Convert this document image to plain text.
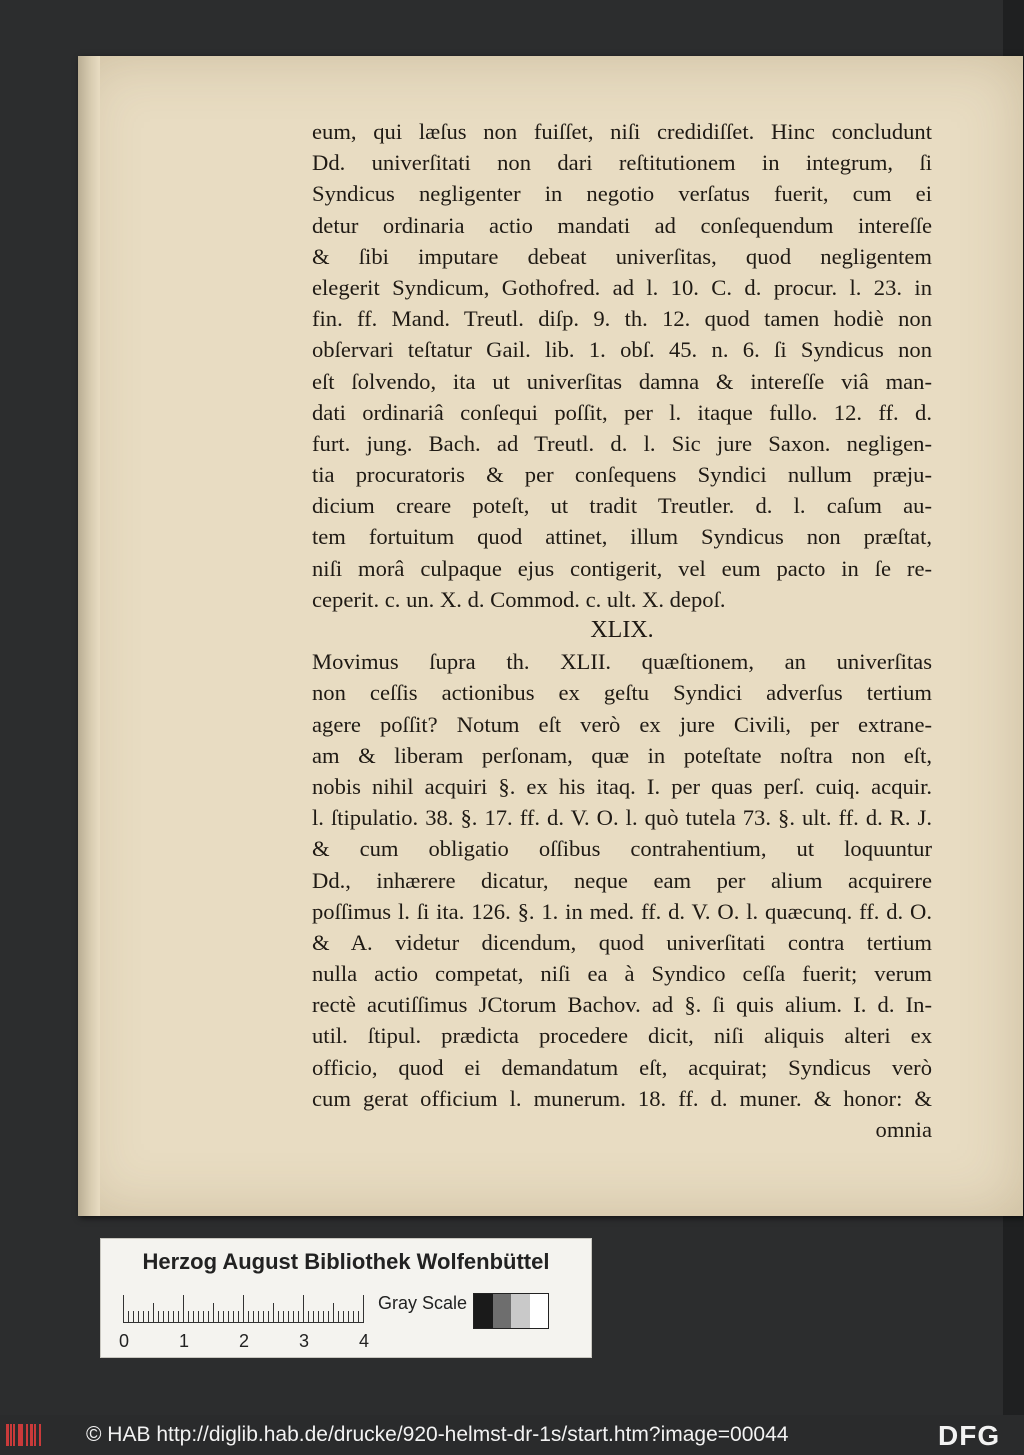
eum, qui læſus non fuiſſet, niſi credidiſſet. Hinc concludunt
Dd. univerſitati non dari reſtitutionem in integrum, ſi
Syndicus negligenter in negotio verſatus fuerit, cum ei
detur ordinaria actio mandati ad conſequendum intereſſe
& ſibi imputare debeat univerſitas, quod negligentem
elegerit Syndicum, Gothofred. ad l. 10. C. d. procur. l. 23. in
fin. ff. Mand. Treutl. diſp. 9. th. 12. quod tamen hodiè non
obſervari teſtatur Gail. lib. 1. obſ. 45. n. 6. ſi Syndicus non
eſt ſolvendo, ita ut univerſitas damna & intereſſe viâ man-
dati ordinariâ conſequi poſſit, per l. itaque fullo. 12. ff. d.
furt. jung. Bach. ad Treutl. d. l. Sic jure Saxon. negligen-
tia procuratoris & per conſequens Syndici nullum præju-
dicium creare poteſt, ut tradit Treutler. d. l. caſum au-
tem fortuitum quod attinet, illum Syndicus non præſtat,
niſi morâ culpaque ejus contigerit, vel eum pacto in ſe re-
ceperit. c. un. X. d. Commod. c. ult. X. depoſ.
XLIX.
Movimus ſupra th. XLII. quæſtionem, an univerſitas
non ceſſis actionibus ex geſtu Syndici adverſus tertium
agere poſſit? Notum eſt verò ex jure Civili, per extrane-
am & liberam perſonam, quæ in poteſtate noſtra non eſt,
nobis nihil acquiri §. ex his itaq. I. per quas perſ. cuiq. acquir.
l. ſtipulatio. 38. §. 17. ff. d. V. O. l. quò tutela 73. §. ult. ff. d. R. J.
& cum obligatio oſſibus contrahentium, ut loquuntur
Dd., inhærere dicatur, neque eam per alium acquirere
poſſimus l. ſi ita. 126. §. 1. in med. ff. d. V. O. l. quæcunq. ff. d. O.
& A. videtur dicendum, quod univerſitati contra tertium
nulla actio competat, niſi ea à Syndico ceſſa fuerit; verum
rectè acutiſſimus JCtorum Bachov. ad §. ſi quis alium. I. d. In-
util. ſtipul. prædicta procedere dicit, niſi aliquis alteri ex
officio, quod ei demandatum eſt, acquirat; Syndicus verò
cum gerat officium l. munerum. 18. ff. d. muner. & honor: &
omnia
Herzog August Bibliothek Wolfenbüttel
0	1	2	3	4
Gray Scale
© HAB http://diglib.hab.de/drucke/920-helmst-dr-1s/start.htm?image=00044	DFG
